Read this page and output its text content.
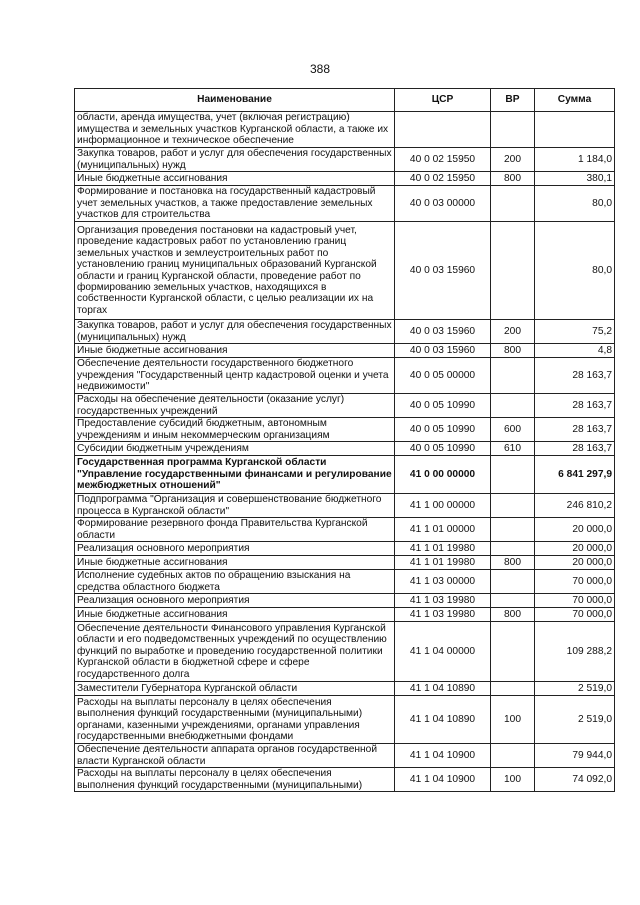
388
Наименование	ЦСР	ВР	Сумма
области, аренда имущества, учет (включая регистрацию) имущества и земельных участков Курганской области, а также их информационное и техническое обеспечение			
Закупка товаров, работ и услуг для обеспечения государственных (муниципальных) нужд	40 0 02 15950	200	1 184,0
Иные бюджетные ассигнования	40 0 02 15950	800	380,1
Формирование и постановка на государственный кадастровый учет земельных участков, а также предоставление земельных участков для строительства	40 0 03 00000		80,0
Организация проведения постановки на кадастровый учет, проведение кадастровых работ по установлению границ земельных участков и землеустроительных работ по установлению границ муниципальных образований Курганской области и границ Курганской области, проведение работ по формированию земельных участков, находящихся в собственности Курганской области, с целью реализации их на торгах	40 0 03 15960		80,0
Закупка товаров, работ и услуг для обеспечения государственных (муниципальных) нужд	40 0 03 15960	200	75,2
Иные бюджетные ассигнования	40 0 03 15960	800	4,8
Обеспечение деятельности государственного бюджетного учреждения "Государственный центр кадастровой оценки и учета недвижимости"	40 0 05 00000		28 163,7
Расходы на обеспечение деятельности (оказание услуг) государственных учреждений	40 0 05 10990		28 163,7
Предоставление субсидий бюджетным, автономным учреждениям и иным некоммерческим организациям	40 0 05 10990	600	28 163,7
Субсидии бюджетным учреждениям	40 0 05 10990	610	28 163,7
Государственная программа Курганской области "Управление государственными финансами и регулирование межбюджетных отношений"	41 0 00 00000		6 841 297,9
Подпрограмма "Организация и совершенствование бюджетного процесса в Курганской области"	41 1 00 00000		246 810,2
Формирование резервного фонда Правительства Курганской области	41 1 01 00000		20 000,0
Реализация основного мероприятия	41 1 01 19980		20 000,0
Иные бюджетные ассигнования	41 1 01 19980	800	20 000,0
Исполнение судебных актов по обращению взыскания на средства областного бюджета	41 1 03 00000		70 000,0
Реализация основного мероприятия	41 1 03 19980		70 000,0
Иные бюджетные ассигнования	41 1 03 19980	800	70 000,0
Обеспечение деятельности Финансового управления Курганской области и его подведомственных учреждений по осуществлению функций по выработке и проведению государственной политики Курганской области в бюджетной сфере и сфере государственного долга	41 1 04 00000		109 288,2
Заместители Губернатора Курганской области	41 1 04 10890		2 519,0
Расходы на выплаты персоналу в целях обеспечения выполнения функций государственными (муниципальными) органами, казенными учреждениями, органами управления государственными внебюджетными фондами	41 1 04 10890	100	2 519,0
Обеспечение деятельности аппарата органов государственной власти Курганской области	41 1 04 10900		79 944,0
Расходы на выплаты персоналу в целях обеспечения выполнения функций государственными (муниципальными)	41 1 04 10900	100	74 092,0
